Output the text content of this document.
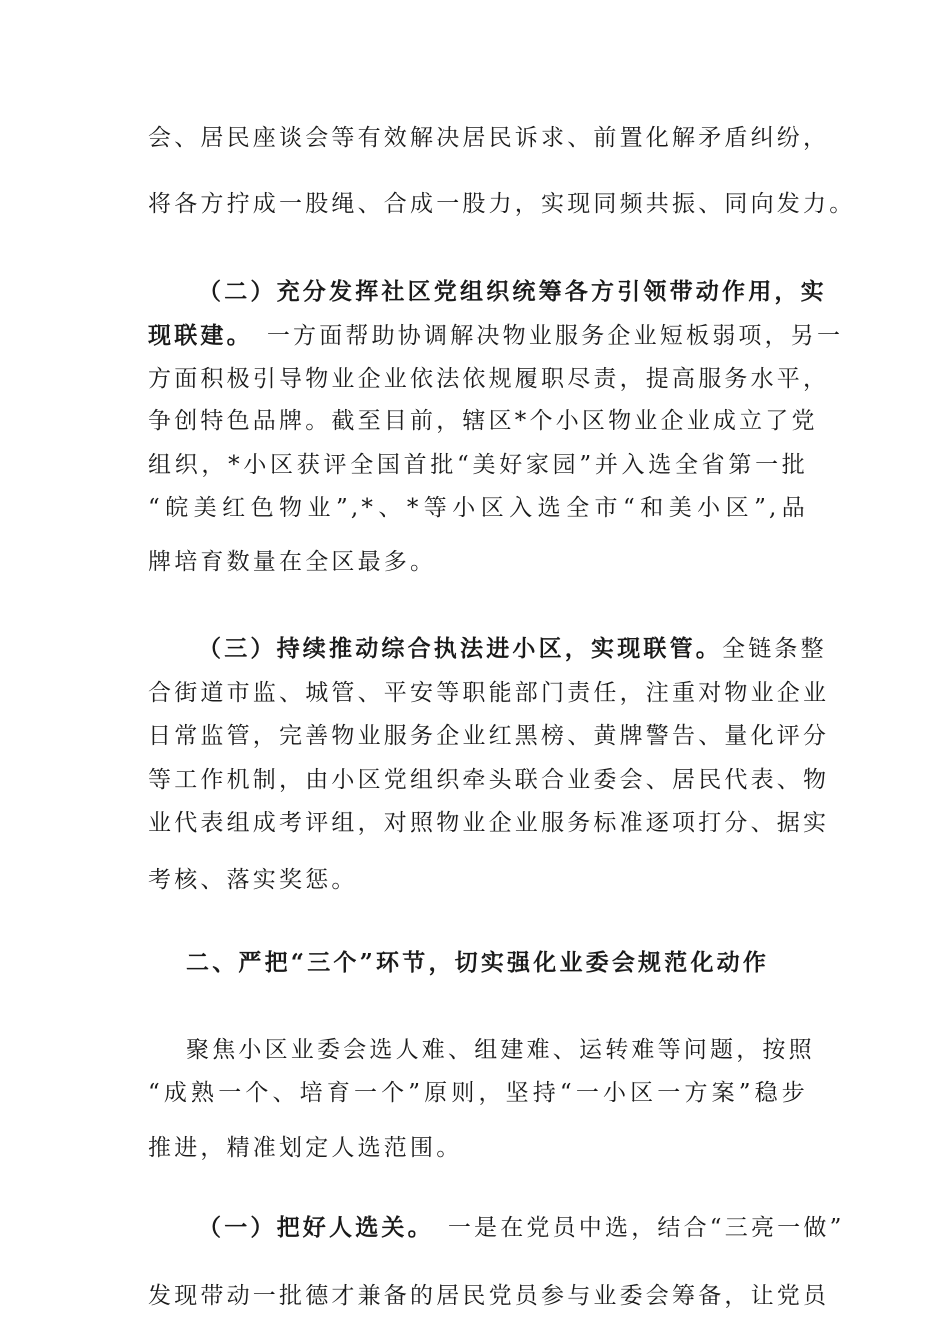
会、居民座谈会等有效解决居民诉求、前置化解矛盾纠纷，
将各方拧成一股绳、合成一股力，实现同频共振、同向发力。
（二）充分发挥社区党组织统筹各方引领带动作用，实
现联建。 一方面帮助协调解决物业服务企业短板弱项，另一
方面积极引导物业企业依法依规履职尽责，提高服务水平，
争创特色品牌。截至目前，辖区*个小区物业企业成立了党
组织，*小区获评全国首批“美好家园”并入选全省第一批
“皖美红色物业”,*、*等小区入选全市“和美小区”,品
牌培育数量在全区最多。
（三）持续推动综合执法进小区，实现联管。全链条整
合街道市监、城管、平安等职能部门责任，注重对物业企业
日常监管，完善物业服务企业红黑榜、黄牌警告、量化评分
等工作机制，由小区党组织牵头联合业委会、居民代表、物
业代表组成考评组，对照物业企业服务标准逐项打分、据实
考核、落实奖惩。
二、严把“三个”环节，切实强化业委会规范化动作
聚焦小区业委会选人难、组建难、运转难等问题，按照
“成熟一个、培育一个”原则，坚持“一小区一方案”稳步
推进，精准划定人选范围。
（一）把好人选关。 一是在党员中选，结合“三亮一做”
发现带动一批德才兼备的居民党员参与业委会筹备，让党员
